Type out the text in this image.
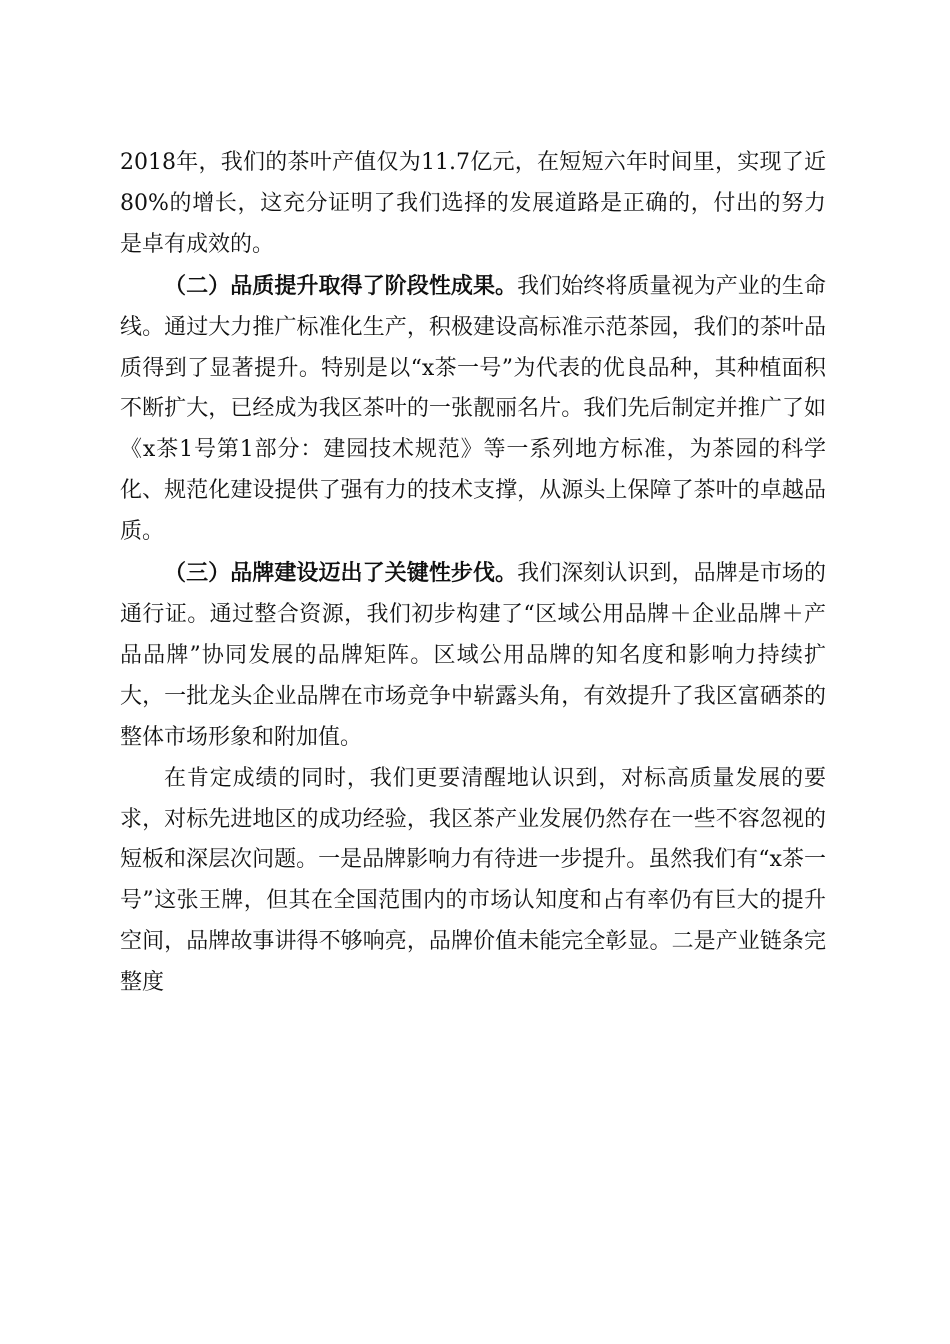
2018年，我们的茶叶产值仅为11.7亿元，在短短六年时间里，实现了近80%的增长，这充分证明了我们选择的发展道路是正确的，付出的努力是卓有成效的。

（二）品质提升取得了阶段性成果。我们始终将质量视为产业的生命线。通过大力推广标准化生产，积极建设高标准示范茶园，我们的茶叶品质得到了显著提升。特别是以“x茶一号”为代表的优良品种，其种植面积不断扩大，已经成为我区茶叶的一张靓丽名片。我们先后制定并推广了如《x茶1号第1部分：建园技术规范》等一系列地方标准，为茶园的科学化、规范化建设提供了强有力的技术支撑，从源头上保障了茶叶的卓越品质。

（三）品牌建设迈出了关键性步伐。我们深刻认识到，品牌是市场的通行证。通过整合资源，我们初步构建了“区域公用品牌＋企业品牌＋产品品牌”协同发展的品牌矩阵。区域公用品牌的知名度和影响力持续扩大，一批龙头企业品牌在市场竞争中崭露头角，有效提升了我区富硒茶的整体市场形象和附加值。

在肯定成绩的同时，我们更要清醒地认识到，对标高质量发展的要求，对标先进地区的成功经验，我区茶产业发展仍然存在一些不容忽视的短板和深层次问题。一是品牌影响力有待进一步提升。虽然我们有“x茶一号”这张王牌，但其在全国范围内的市场认知度和占有率仍有巨大的提升空间，品牌故事讲得不够响亮，品牌价值未能完全彰显。二是产业链条完整度
